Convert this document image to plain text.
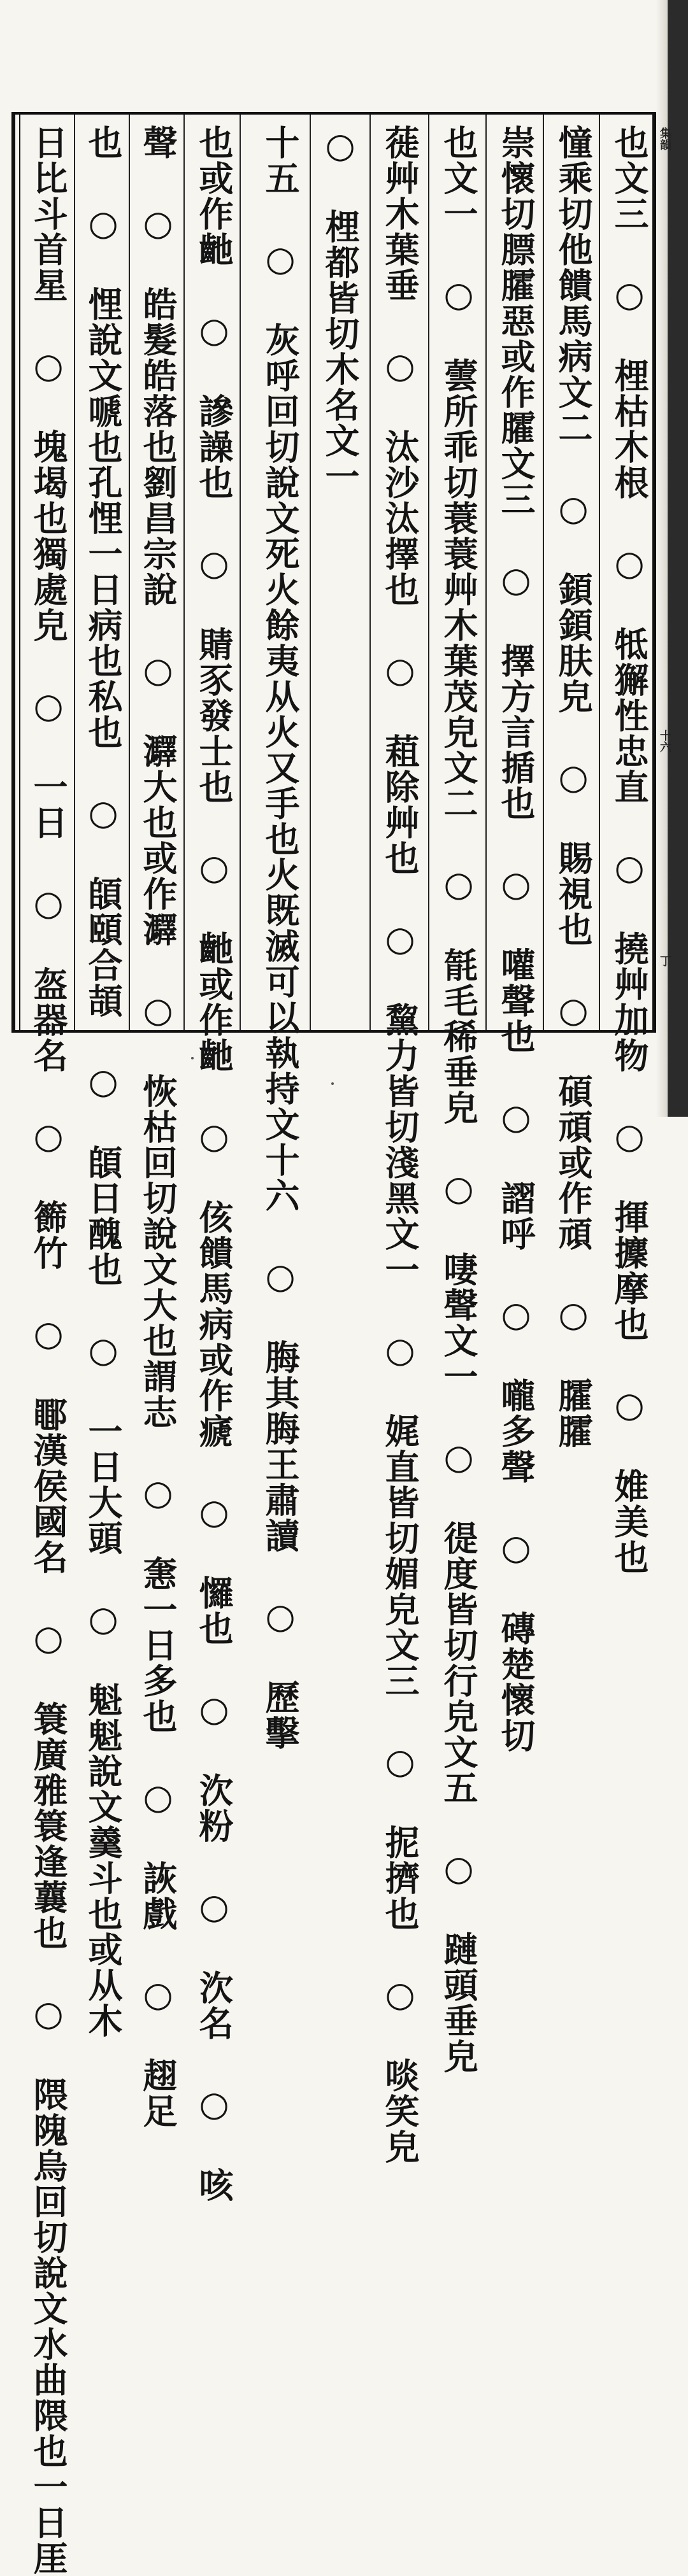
集韻
十六
丁
也文三 ○ 梩枯木根 ○ 牴獬性忠直 ○ 撓艸加物 ○ 揮攈摩也 ○ 婎美也
憧乘切他饋馬病文二 ○ 顉顉肤皃 ○ 賜視也 ○ 碩頑或作頑 ○ 臛臛
崇懷切膘臛惡或作臛文三 ○ 擇方言揗也 ○ 嚾聲也 ○ 謵呼 ○ 嚨多聲 ○ 磚楚懷切
也文一 ○ 蕓所乖切蓑蓑艸木葉茂皃文二 ○ 毻毛稀垂皃 ○ 啛聲文一 ○ 徥度皆切行皃文五 ○ 蹥頭垂皃
蓰艸木葉垂 ○ 汰沙汰擇也 ○ 蒩除艸也 ○ 黧力皆切淺黑文一 ○ 娓直皆切媚皃文三 ○ 抳擠也 ○ 啖笑皃
○ 梩都皆切木名文一
十五 ○ 灰呼回切說文死火餘夷从火又手也火既滅可以執持文十六 ○ 脢其脢王肅讀 ○ 歷擊
也或作䶔 ○ 謲譟也 ○ 䝼豕發士也 ○ 䶔或作䶔 ○ 侅饋馬病或作㾷 ○ 㦬也 ○ 㳄粉 ○ 㳄名 ○ 咳
聲 ○ 皓髮皓落也劉昌宗說 ○ 㶠大也或作㶠 ○ 恢枯回切說文大也謂志 ○ 㥣一日多也 ○ 詼戲 ○ 趐足
也 ○ 悝說文嗁也孔悝一日病也私也 ○ 頧頤合頡 ○ 頧日醜也 ○ 一日大頭 ○ 魁魁說文羹斗也或从木
日比斗首星 ○ 塊堨也獨處皃 ○ 一日 ○ 盔器名 ○ 籂竹 ○ 鄳漢侯國名 ○ 簑廣雅簑逢蘘也 ○ 隈隗烏回切說文水曲隈也一日厓
